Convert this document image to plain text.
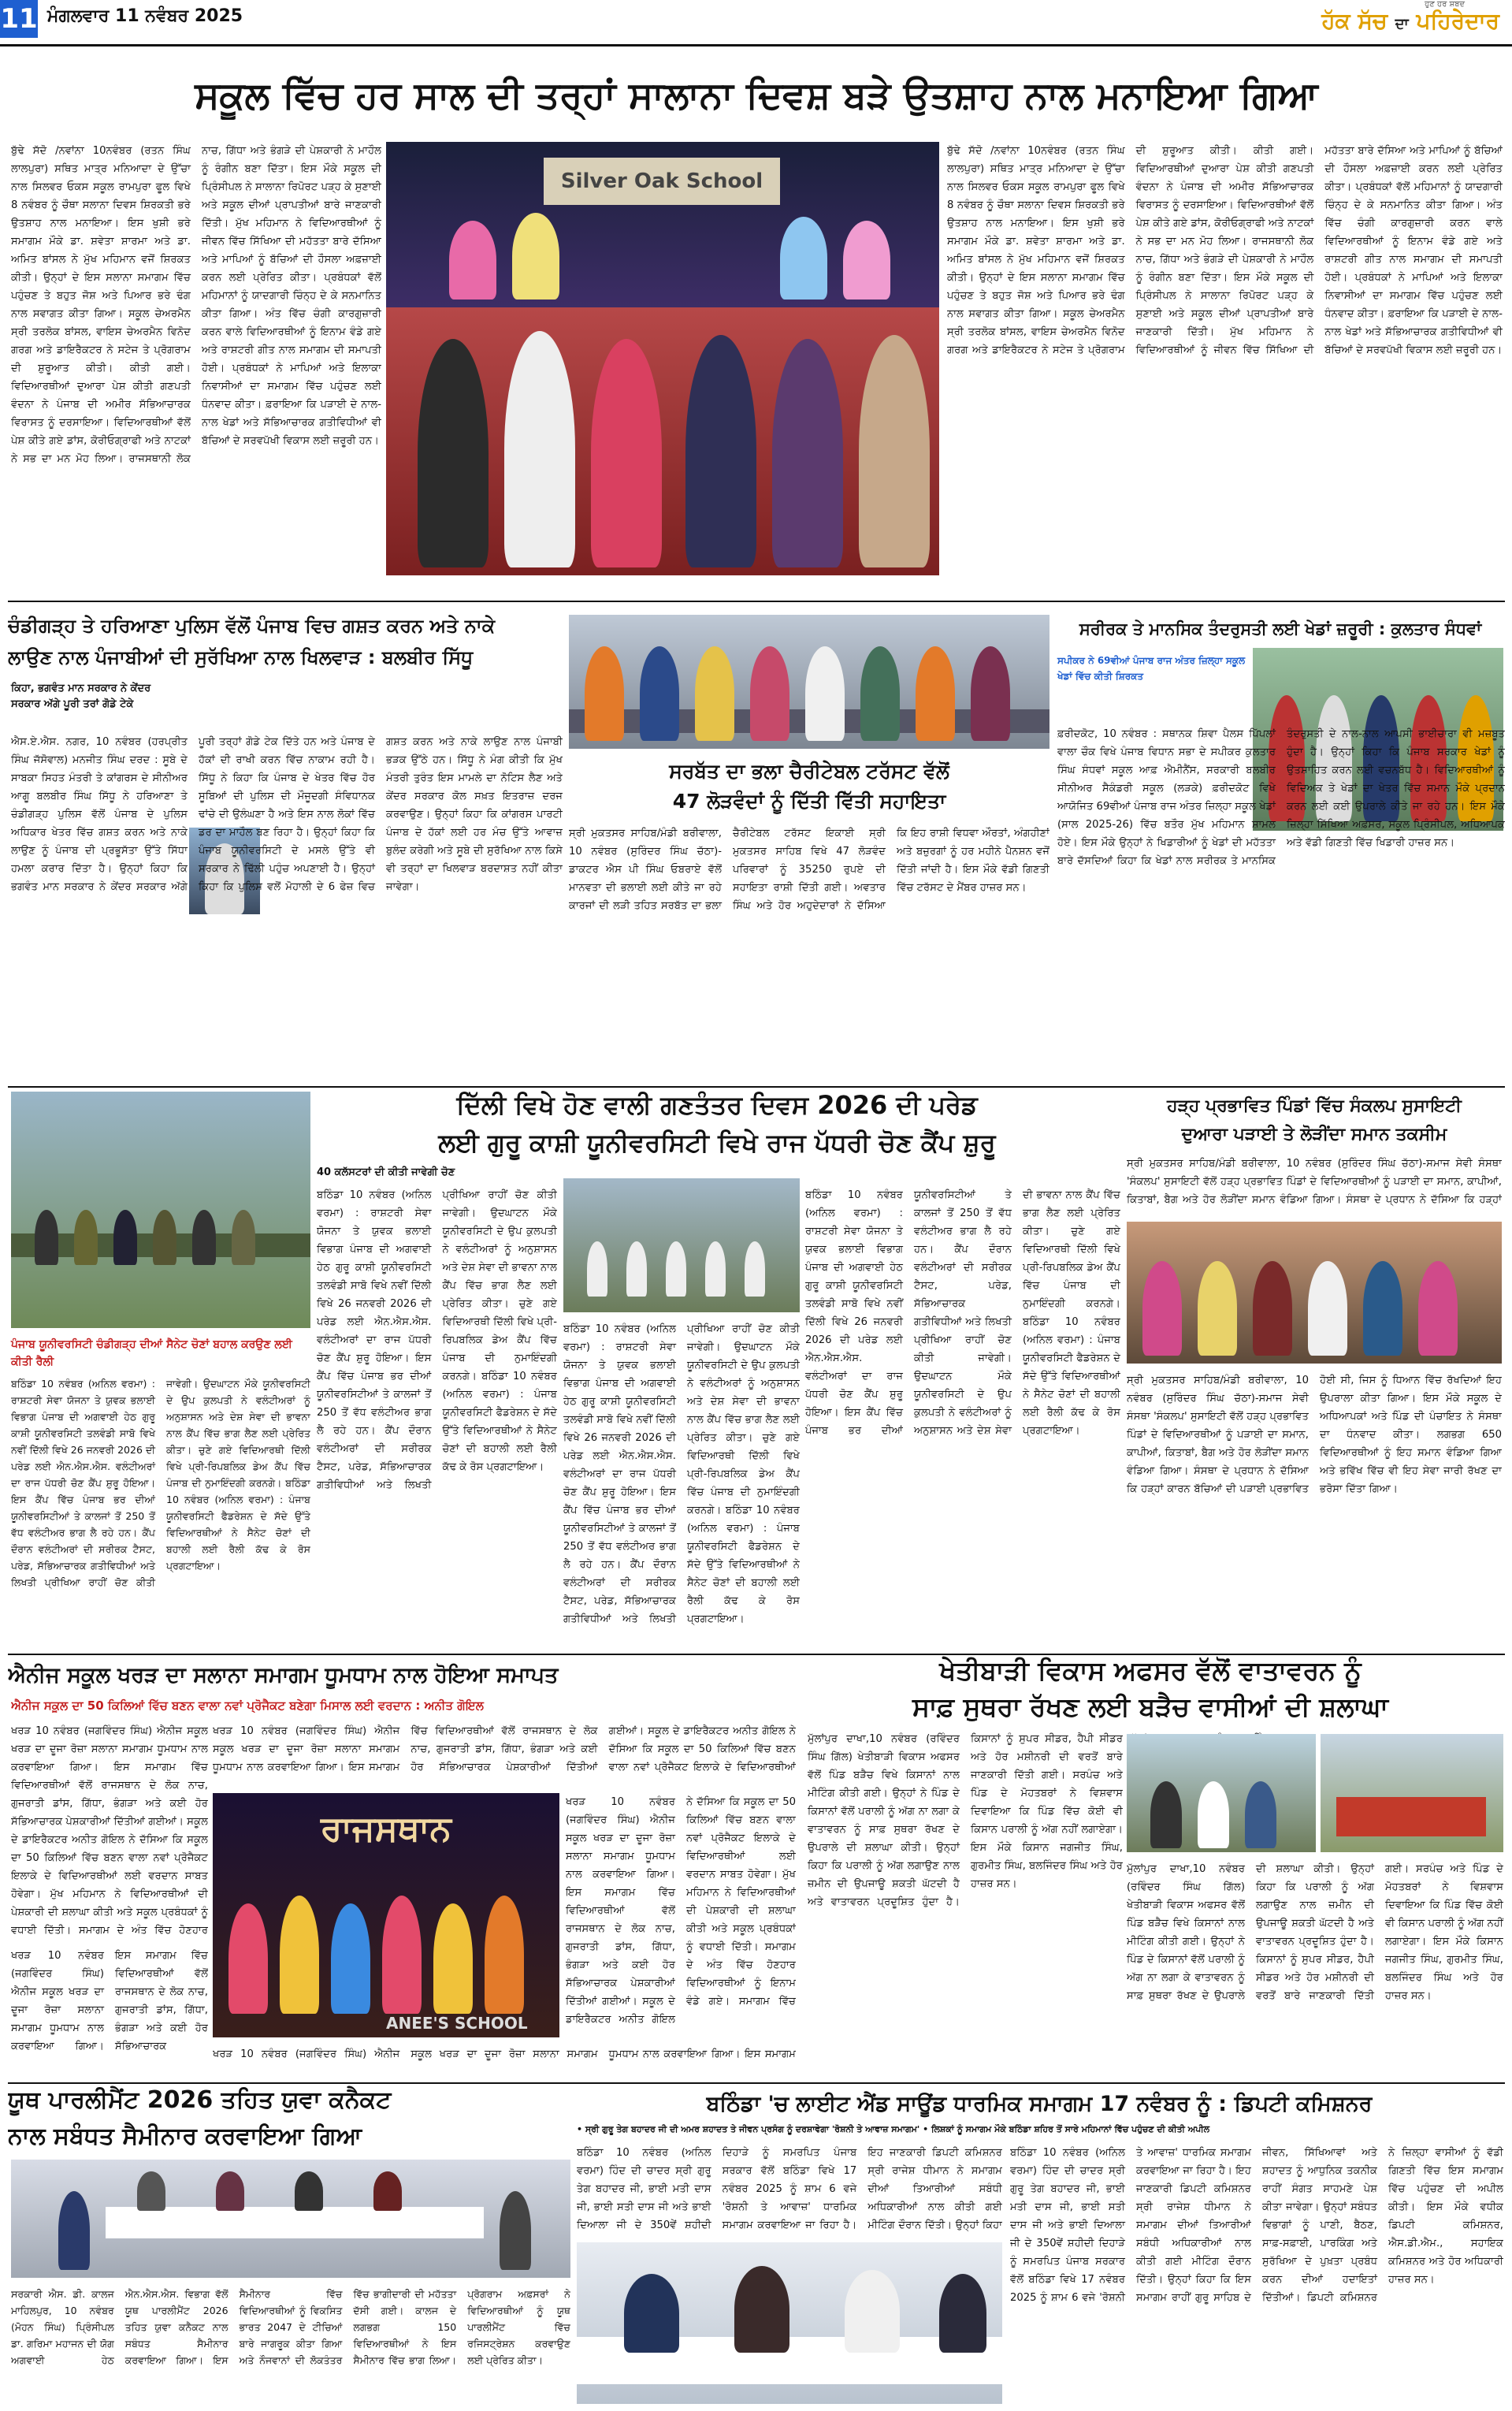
11 ਮੰਗਲਵਾਰ 11 ਨਵੰਬਰ 2025
ਹੁਣ ਹਰ ਸ਼ਬਦ
ਹੱਕ ਸੱਚ ਦਾ ਪਹਿਰੇਦਾਰ
ਸਕੂਲ ਵਿੱਚ ਹਰ ਸਾਲ ਦੀ ਤਰ੍ਹਾਂ ਸਾਲਾਨਾ ਦਿਵਸ਼ ਬੜੇ ਉਤਸ਼ਾਹ ਨਾਲ ਮਨਾਇਆ ਗਿਆ
ਬੁੱਢੇ ਸੱਦੋ /ਨਵਾਂਨਾ 10ਨਵੰਬਰ (ਰਤਨ ਸਿੰਘ ਲਾਲਪੁਰਾ) ਸਥਿਤ ਮਾਤ੍ਰ ਮਨਿਆਦਾ ਦੇ ਉੱਚਾ ਨਾਲ ਸਿਲਵਰ ਓਕਸ ਸਕੂਲ ਰਾਮਪੁਰਾ ਫੂਲ ਵਿਖੇ 8 ਨਵੰਬਰ ਨੂੰ ਚੌਥਾ ਸਲਾਨਾ ਦਿਵਸ ਸ਼ਿਰਕਤੀ ਭਰੇ ਉਤਸ਼ਾਹ ਨਾਲ ਮਨਾਇਆ। ਇਸ ਖੁਸ਼ੀ ਭਰੇ ਸਮਾਗਮ ਮੌਕੇ ਡਾ. ਸ਼ਵੇਤਾ ਸ਼ਾਰਮਾ ਅਤੇ ਡਾ. ਅਮਿਤ ਬਾਂਸਲ ਨੇ ਮੁੱਖ ਮਹਿਮਾਨ ਵਜੋਂ ਸ਼ਿਰਕਤ ਕੀਤੀ। ਉਨ੍ਹਾਂ ਦੇ ਇਸ ਸਲਾਨਾ ਸਮਾਗਮ ਵਿੱਚ ਪਹੁੰਚਣ ਤੇ ਬਹੁਤ ਜੋਸ਼ ਅਤੇ ਪਿਆਰ ਭਰੇ ਢੰਗ ਨਾਲ ਸਵਾਗਤ ਕੀਤਾ ਗਿਆ। ਸਕੂਲ ਚੇਅਰਮੈਨ ਸ੍ਰੀ ਤਰਲੋਕ ਬਾਂਸਲ, ਵਾਇਸ ਚੇਅਰਮੈਨ ਵਿਨੋਦ ਗਰਗ ਅਤੇ ਡਾਇਰੈਕਟਰ ਨੇ ਸਟੇਜ ਤੇ ਪ੍ਰੋਗਰਾਮ ਦੀ ਸ਼ੁਰੂਆਤ ਕੀਤੀ। ਕੀਤੀ ਗਈ। ਵਿਦਿਆਰਥੀਆਂ ਦੁਆਰਾ ਪੇਸ਼ ਕੀਤੀ ਗਣਪਤੀ ਵੰਦਨਾ ਨੇ ਪੰਜਾਬ ਦੀ ਅਮੀਰ ਸੱਭਿਆਚਾਰਕ ਵਿਰਾਸਤ ਨੂੰ ਦਰਸਾਇਆ। ਵਿਦਿਆਰਥੀਆਂ ਵੱਲੋਂ ਪੇਸ਼ ਕੀਤੇ ਗਏ ਡਾਂਸ, ਕੋਰੀਓਗ੍ਰਾਫੀ ਅਤੇ ਨਾਟਕਾਂ ਨੇ ਸਭ ਦਾ ਮਨ ਮੋਹ ਲਿਆ। ਰਾਜਸਥਾਨੀ ਲੋਕ ਨਾਚ, ਗਿੱਧਾ ਅਤੇ ਭੰਗੜੇ ਦੀ ਪੇਸ਼ਕਾਰੀ ਨੇ ਮਾਹੌਲ ਨੂੰ ਰੰਗੀਨ ਬਣਾ ਦਿੱਤਾ। ਇਸ ਮੌਕੇ ਸਕੂਲ ਦੀ ਪ੍ਰਿੰਸੀਪਲ ਨੇ ਸਾਲਾਨਾ ਰਿਪੋਰਟ ਪੜ੍ਹ ਕੇ ਸੁਣਾਈ ਅਤੇ ਸਕੂਲ ਦੀਆਂ ਪ੍ਰਾਪਤੀਆਂ ਬਾਰੇ ਜਾਣਕਾਰੀ ਦਿੱਤੀ। ਮੁੱਖ ਮਹਿਮਾਨ ਨੇ ਵਿਦਿਆਰਥੀਆਂ ਨੂੰ ਜੀਵਨ ਵਿੱਚ ਸਿੱਖਿਆ ਦੀ ਮਹੱਤਤਾ ਬਾਰੇ ਦੱਸਿਆ ਅਤੇ ਮਾਪਿਆਂ ਨੂੰ ਬੱਚਿਆਂ ਦੀ ਹੌਸਲਾ ਅਫ਼ਜ਼ਾਈ ਕਰਨ ਲਈ ਪ੍ਰੇਰਿਤ ਕੀਤਾ। ਪ੍ਰਬੰਧਕਾਂ ਵੱਲੋਂ ਮਹਿਮਾਨਾਂ ਨੂੰ ਯਾਦਗਾਰੀ ਚਿੰਨ੍ਹ ਦੇ ਕੇ ਸਨਮਾਨਿਤ ਕੀਤਾ ਗਿਆ। ਅੰਤ ਵਿੱਚ ਚੰਗੀ ਕਾਰਗੁਜ਼ਾਰੀ ਕਰਨ ਵਾਲੇ ਵਿਦਿਆਰਥੀਆਂ ਨੂੰ ਇਨਾਮ ਵੰਡੇ ਗਏ ਅਤੇ ਰਾਸ਼ਟਰੀ ਗੀਤ ਨਾਲ ਸਮਾਗਮ ਦੀ ਸਮਾਪਤੀ ਹੋਈ। ਪ੍ਰਬੰਧਕਾਂ ਨੇ ਮਾਪਿਆਂ ਅਤੇ ਇਲਾਕਾ ਨਿਵਾਸੀਆਂ ਦਾ ਸਮਾਗਮ ਵਿੱਚ ਪਹੁੰਚਣ ਲਈ ਧੰਨਵਾਦ ਕੀਤਾ। ਫ਼ਰਾਇਆ ਕਿ ਪੜਾਈ ਦੇ ਨਾਲ-ਨਾਲ ਖੇਡਾਂ ਅਤੇ ਸੱਭਿਆਚਾਰਕ ਗਤੀਵਿਧੀਆਂ ਵੀ ਬੱਚਿਆਂ ਦੇ ਸਰਵਪੱਖੀ ਵਿਕਾਸ ਲਈ ਜ਼ਰੂਰੀ ਹਨ।
Silver Oak School
ਬੁੱਢੇ ਸੱਦੋ /ਨਵਾਂਨਾ 10ਨਵੰਬਰ (ਰਤਨ ਸਿੰਘ ਲਾਲਪੁਰਾ) ਸਥਿਤ ਮਾਤ੍ਰ ਮਨਿਆਦਾ ਦੇ ਉੱਚਾ ਨਾਲ ਸਿਲਵਰ ਓਕਸ ਸਕੂਲ ਰਾਮਪੁਰਾ ਫੂਲ ਵਿਖੇ 8 ਨਵੰਬਰ ਨੂੰ ਚੌਥਾ ਸਲਾਨਾ ਦਿਵਸ ਸ਼ਿਰਕਤੀ ਭਰੇ ਉਤਸ਼ਾਹ ਨਾਲ ਮਨਾਇਆ। ਇਸ ਖੁਸ਼ੀ ਭਰੇ ਸਮਾਗਮ ਮੌਕੇ ਡਾ. ਸ਼ਵੇਤਾ ਸ਼ਾਰਮਾ ਅਤੇ ਡਾ. ਅਮਿਤ ਬਾਂਸਲ ਨੇ ਮੁੱਖ ਮਹਿਮਾਨ ਵਜੋਂ ਸ਼ਿਰਕਤ ਕੀਤੀ। ਉਨ੍ਹਾਂ ਦੇ ਇਸ ਸਲਾਨਾ ਸਮਾਗਮ ਵਿੱਚ ਪਹੁੰਚਣ ਤੇ ਬਹੁਤ ਜੋਸ਼ ਅਤੇ ਪਿਆਰ ਭਰੇ ਢੰਗ ਨਾਲ ਸਵਾਗਤ ਕੀਤਾ ਗਿਆ। ਸਕੂਲ ਚੇਅਰਮੈਨ ਸ੍ਰੀ ਤਰਲੋਕ ਬਾਂਸਲ, ਵਾਇਸ ਚੇਅਰਮੈਨ ਵਿਨੋਦ ਗਰਗ ਅਤੇ ਡਾਇਰੈਕਟਰ ਨੇ ਸਟੇਜ ਤੇ ਪ੍ਰੋਗਰਾਮ ਦੀ ਸ਼ੁਰੂਆਤ ਕੀਤੀ। ਕੀਤੀ ਗਈ। ਵਿਦਿਆਰਥੀਆਂ ਦੁਆਰਾ ਪੇਸ਼ ਕੀਤੀ ਗਣਪਤੀ ਵੰਦਨਾ ਨੇ ਪੰਜਾਬ ਦੀ ਅਮੀਰ ਸੱਭਿਆਚਾਰਕ ਵਿਰਾਸਤ ਨੂੰ ਦਰਸਾਇਆ। ਵਿਦਿਆਰਥੀਆਂ ਵੱਲੋਂ ਪੇਸ਼ ਕੀਤੇ ਗਏ ਡਾਂਸ, ਕੋਰੀਓਗ੍ਰਾਫੀ ਅਤੇ ਨਾਟਕਾਂ ਨੇ ਸਭ ਦਾ ਮਨ ਮੋਹ ਲਿਆ। ਰਾਜਸਥਾਨੀ ਲੋਕ ਨਾਚ, ਗਿੱਧਾ ਅਤੇ ਭੰਗੜੇ ਦੀ ਪੇਸ਼ਕਾਰੀ ਨੇ ਮਾਹੌਲ ਨੂੰ ਰੰਗੀਨ ਬਣਾ ਦਿੱਤਾ। ਇਸ ਮੌਕੇ ਸਕੂਲ ਦੀ ਪ੍ਰਿੰਸੀਪਲ ਨੇ ਸਾਲਾਨਾ ਰਿਪੋਰਟ ਪੜ੍ਹ ਕੇ ਸੁਣਾਈ ਅਤੇ ਸਕੂਲ ਦੀਆਂ ਪ੍ਰਾਪਤੀਆਂ ਬਾਰੇ ਜਾਣਕਾਰੀ ਦਿੱਤੀ। ਮੁੱਖ ਮਹਿਮਾਨ ਨੇ ਵਿਦਿਆਰਥੀਆਂ ਨੂੰ ਜੀਵਨ ਵਿੱਚ ਸਿੱਖਿਆ ਦੀ ਮਹੱਤਤਾ ਬਾਰੇ ਦੱਸਿਆ ਅਤੇ ਮਾਪਿਆਂ ਨੂੰ ਬੱਚਿਆਂ ਦੀ ਹੌਸਲਾ ਅਫ਼ਜ਼ਾਈ ਕਰਨ ਲਈ ਪ੍ਰੇਰਿਤ ਕੀਤਾ। ਪ੍ਰਬੰਧਕਾਂ ਵੱਲੋਂ ਮਹਿਮਾਨਾਂ ਨੂੰ ਯਾਦਗਾਰੀ ਚਿੰਨ੍ਹ ਦੇ ਕੇ ਸਨਮਾਨਿਤ ਕੀਤਾ ਗਿਆ। ਅੰਤ ਵਿੱਚ ਚੰਗੀ ਕਾਰਗੁਜ਼ਾਰੀ ਕਰਨ ਵਾਲੇ ਵਿਦਿਆਰਥੀਆਂ ਨੂੰ ਇਨਾਮ ਵੰਡੇ ਗਏ ਅਤੇ ਰਾਸ਼ਟਰੀ ਗੀਤ ਨਾਲ ਸਮਾਗਮ ਦੀ ਸਮਾਪਤੀ ਹੋਈ। ਪ੍ਰਬੰਧਕਾਂ ਨੇ ਮਾਪਿਆਂ ਅਤੇ ਇਲਾਕਾ ਨਿਵਾਸੀਆਂ ਦਾ ਸਮਾਗਮ ਵਿੱਚ ਪਹੁੰਚਣ ਲਈ ਧੰਨਵਾਦ ਕੀਤਾ। ਫ਼ਰਾਇਆ ਕਿ ਪੜਾਈ ਦੇ ਨਾਲ-ਨਾਲ ਖੇਡਾਂ ਅਤੇ ਸੱਭਿਆਚਾਰਕ ਗਤੀਵਿਧੀਆਂ ਵੀ ਬੱਚਿਆਂ ਦੇ ਸਰਵਪੱਖੀ ਵਿਕਾਸ ਲਈ ਜ਼ਰੂਰੀ ਹਨ।
ਚੰਡੀਗੜ੍ਹ ਤੇ ਹਰਿਆਣਾ ਪੁਲਿਸ ਵੱਲੋਂ ਪੰਜਾਬ ਵਿਚ ਗਸ਼ਤ ਕਰਨ ਅਤੇ ਨਾਕੇ
ਲਾਉਣ ਨਾਲ ਪੰਜਾਬੀਆਂ ਦੀ ਸੁਰੱਖਿਆ ਨਾਲ ਖਿਲਵਾੜ : ਬਲਬੀਰ ਸਿੱਧੂ
ਕਿਹਾ, ਭਗਵੰਤ ਮਾਨ ਸਰਕਾਰ ਨੇ ਕੇਂਦਰ ਸਰਕਾਰ ਅੱਗੇ ਪੂਰੀ ਤਰਾਂ ਗੋਡੇ ਟੇਕੇ
ਐਸ.ਏ.ਐਸ. ਨਗਰ, 10 ਨਵੰਬਰ (ਹਰਪ੍ਰੀਤ ਸਿੰਘ ਜੱਸੋਵਾਲ) ਮਨਜੀਤ ਸਿੰਘ ਦਰਦ : ਸੂਬੇ ਦੇ ਸਾਬਕਾ ਸਿਹਤ ਮੰਤਰੀ ਤੇ ਕਾਂਗਰਸ ਦੇ ਸੀਨੀਅਰ ਆਗੂ ਬਲਬੀਰ ਸਿੰਘ ਸਿੱਧੂ ਨੇ ਹਰਿਆਣਾ ਤੇ ਚੰਡੀਗੜ੍ਹ ਪੁਲਿਸ ਵੱਲੋਂ ਪੰਜਾਬ ਦੇ ਪੁਲਿਸ ਅਧਿਕਾਰ ਖੇਤਰ ਵਿੱਚ ਗਸ਼ਤ ਕਰਨ ਅਤੇ ਨਾਕੇ ਲਾਉਣ ਨੂੰ ਪੰਜਾਬ ਦੀ ਪ੍ਰਭੂਸੱਤਾ ਉੱਤੇ ਸਿੱਧਾ ਹਮਲਾ ਕਰਾਰ ਦਿੱਤਾ ਹੈ। ਉਨ੍ਹਾਂ ਕਿਹਾ ਕਿ ਭਗਵੰਤ ਮਾਨ ਸਰਕਾਰ ਨੇ ਕੇਂਦਰ ਸਰਕਾਰ ਅੱਗੇ ਪੂਰੀ ਤਰ੍ਹਾਂ ਗੋਡੇ ਟੇਕ ਦਿੱਤੇ ਹਨ ਅਤੇ ਪੰਜਾਬ ਦੇ ਹੱਕਾਂ ਦੀ ਰਾਖੀ ਕਰਨ ਵਿੱਚ ਨਾਕਾਮ ਰਹੀ ਹੈ। ਸਿੱਧੂ ਨੇ ਕਿਹਾ ਕਿ ਪੰਜਾਬ ਦੇ ਖੇਤਰ ਵਿੱਚ ਹੋਰ ਸੂਬਿਆਂ ਦੀ ਪੁਲਿਸ ਦੀ ਮੌਜੂਦਗੀ ਸੰਵਿਧਾਨਕ ਢਾਂਚੇ ਦੀ ਉਲੰਘਣਾ ਹੈ ਅਤੇ ਇਸ ਨਾਲ ਲੋਕਾਂ ਵਿੱਚ ਡਰ ਦਾ ਮਾਹੌਲ ਬਣ ਰਿਹਾ ਹੈ। ਉਨ੍ਹਾਂ ਕਿਹਾ ਕਿ ਪੰਜਾਬ ਯੂਨੀਵਰਸਿਟੀ ਦੇ ਮਸਲੇ ਉੱਤੇ ਵੀ ਸਰਕਾਰ ਨੇ ਢਿੱਲੀ ਪਹੁੰਚ ਅਪਣਾਈ ਹੈ। ਉਨ੍ਹਾਂ ਕਿਹਾ ਕਿ ਪੁਲਿਸ ਵਲੋਂ ਮੋਹਾਲੀ ਦੇ 6 ਫੇਜ਼ ਵਿਚ ਗਸ਼ਤ ਕਰਨ ਅਤੇ ਨਾਕੇ ਲਾਉਣ ਨਾਲ ਪੰਜਾਬੀ ਭੜਕ ਉੱਠੇ ਹਨ। ਸਿੱਧੂ ਨੇ ਮੰਗ ਕੀਤੀ ਕਿ ਮੁੱਖ ਮੰਤਰੀ ਤੁਰੰਤ ਇਸ ਮਾਮਲੇ ਦਾ ਨੋਟਿਸ ਲੈਣ ਅਤੇ ਕੇਂਦਰ ਸਰਕਾਰ ਕੋਲ ਸਖ਼ਤ ਇਤਰਾਜ਼ ਦਰਜ ਕਰਵਾਉਣ। ਉਨ੍ਹਾਂ ਕਿਹਾ ਕਿ ਕਾਂਗਰਸ ਪਾਰਟੀ ਪੰਜਾਬ ਦੇ ਹੱਕਾਂ ਲਈ ਹਰ ਮੰਚ ਉੱਤੇ ਆਵਾਜ਼ ਬੁਲੰਦ ਕਰੇਗੀ ਅਤੇ ਸੂਬੇ ਦੀ ਸੁਰੱਖਿਆ ਨਾਲ ਕਿਸੇ ਵੀ ਤਰ੍ਹਾਂ ਦਾ ਖਿਲਵਾੜ ਬਰਦਾਸ਼ਤ ਨਹੀਂ ਕੀਤਾ ਜਾਵੇਗਾ।
ਸਰਬੱਤ ਦਾ ਭਲਾ ਚੈਰੀਟੇਬਲ ਟਰੱਸਟ ਵੱਲੋਂ
47 ਲੋੜਵੰਦਾਂ ਨੂੰ ਦਿੱਤੀ ਵਿੱਤੀ ਸਹਾਇਤਾ
ਸ੍ਰੀ ਮੁਕਤਸਰ ਸਾਹਿਬ/ਮੰਡੀ ਬਰੀਵਾਲਾ, 10 ਨਵੰਬਰ (ਸੁਰਿੰਦਰ ਸਿੰਘ ਚੱਠਾ)-ਡਾਕਟਰ ਐਸ ਪੀ ਸਿੰਘ ਓਬਰਾਏ ਵੱਲੋਂ ਮਾਨਵਤਾ ਦੀ ਭਲਾਈ ਲਈ ਕੀਤੇ ਜਾ ਰਹੇ ਕਾਰਜਾਂ ਦੀ ਲੜੀ ਤਹਿਤ ਸਰਬੱਤ ਦਾ ਭਲਾ ਚੈਰੀਟੇਬਲ ਟਰੱਸਟ ਇਕਾਈ ਸ੍ਰੀ ਮੁਕਤਸਰ ਸਾਹਿਬ ਵਿਖੇ 47 ਲੋੜਵੰਦ ਪਰਿਵਾਰਾਂ ਨੂੰ 35250 ਰੁਪਏ ਦੀ ਸਹਾਇਤਾ ਰਾਸ਼ੀ ਦਿੱਤੀ ਗਈ। ਅਵਤਾਰ ਸਿੰਘ ਅਤੇ ਹੋਰ ਅਹੁਦੇਦਾਰਾਂ ਨੇ ਦੱਸਿਆ ਕਿ ਇਹ ਰਾਸ਼ੀ ਵਿਧਵਾ ਔਰਤਾਂ, ਅੰਗਹੀਣਾਂ ਅਤੇ ਬਜ਼ੁਰਗਾਂ ਨੂੰ ਹਰ ਮਹੀਨੇ ਪੈਨਸ਼ਨ ਵਜੋਂ ਦਿੱਤੀ ਜਾਂਦੀ ਹੈ। ਇਸ ਮੌਕੇ ਵੱਡੀ ਗਿਣਤੀ ਵਿੱਚ ਟਰੱਸਟ ਦੇ ਮੈਂਬਰ ਹਾਜ਼ਰ ਸਨ।
ਸਰੀਰਕ ਤੇ ਮਾਨਸਿਕ ਤੰਦਰੁਸਤੀ ਲਈ ਖੇਡਾਂ ਜ਼ਰੂਰੀ : ਕੁਲਤਾਰ ਸੰਧਵਾਂ
ਸਪੀਕਰ ਨੇ 69ਵੀਆਂ ਪੰਜਾਬ ਰਾਜ ਅੰਤਰ ਜ਼ਿਲ੍ਹਾ ਸਕੂਲ ਖੇਡਾਂ ਵਿੱਚ ਕੀਤੀ ਸ਼ਿਰਕਤ
ਫ਼ਰੀਦਕੋਟ, 10 ਨਵੰਬਰ : ਸਥਾਨਕ ਸ਼ਿਵਾ ਪੈਲਸ ਪਿੱਪਲਾਂ ਵਾਲਾ ਚੌਕ ਵਿਖੇ ਪੰਜਾਬ ਵਿਧਾਨ ਸਭਾ ਦੇ ਸਪੀਕਰ ਕੁਲਤਾਰ ਸਿੰਘ ਸੰਧਵਾਂ ਸਕੂਲ ਆਫ਼ ਐਮੀਨੈਂਸ, ਸਰਕਾਰੀ ਬਲਬੀਰ ਸੀਨੀਅਰ ਸੈਕੰਡਰੀ ਸਕੂਲ (ਲੜਕੇ) ਫ਼ਰੀਦਕੋਟ ਵਿਖੇ ਆਯੋਜਿਤ 69ਵੀਆਂ ਪੰਜਾਬ ਰਾਜ ਅੰਤਰ ਜ਼ਿਲ੍ਹਾ ਸਕੂਲ ਖੇਡਾਂ (ਸਾਲ 2025-26) ਵਿੱਚ ਬਤੌਰ ਮੁੱਖ ਮਹਿਮਾਨ ਸ਼ਾਮਲ ਹੋਏ। ਇਸ ਮੌਕੇ ਉਨ੍ਹਾਂ ਨੇ ਖਿਡਾਰੀਆਂ ਨੂੰ ਖੇਡਾਂ ਦੀ ਮਹੱਤਤਾ ਬਾਰੇ ਦੱਸਦਿਆਂ ਕਿਹਾ ਕਿ ਖੇਡਾਂ ਨਾਲ ਸਰੀਰਕ ਤੇ ਮਾਨਸਿਕ ਤੰਦਰੁਸਤੀ ਦੇ ਨਾਲ-ਨਾਲ ਆਪਸੀ ਭਾਈਚਾਰਾ ਵੀ ਮਜ਼ਬੂਤ ਹੁੰਦਾ ਹੈ। ਉਨ੍ਹਾਂ ਕਿਹਾ ਕਿ ਪੰਜਾਬ ਸਰਕਾਰ ਖੇਡਾਂ ਨੂੰ ਉਤਸ਼ਾਹਿਤ ਕਰਨ ਲਈ ਵਚਨਬੱਧ ਹੈ। ਵਿਦਿਆਰਥੀਆਂ ਨੂੰ ਵਿਦਿਅਕ ਤੇ ਖੇਡਾਂ ਦਾ ਖੇਤਰ ਵਿੱਚ ਸਮਾਨ ਮੌਕੇ ਪ੍ਰਦਾਨ ਕਰਨ ਲਈ ਕਈ ਉਪਰਾਲੇ ਕੀਤੇ ਜਾ ਰਹੇ ਹਨ। ਇਸ ਮੌਕੇ ਜ਼ਿਲ੍ਹਾ ਸਿੱਖਿਆ ਅਫ਼ਸਰ, ਸਕੂਲ ਪ੍ਰਿੰਸੀਪਲ, ਅਧਿਆਪਕ ਅਤੇ ਵੱਡੀ ਗਿਣਤੀ ਵਿੱਚ ਖਿਡਾਰੀ ਹਾਜ਼ਰ ਸਨ।
ਦਿੱਲੀ ਵਿਖੇ ਹੋਣ ਵਾਲੀ ਗਣਤੰਤਰ ਦਿਵਸ 2026 ਦੀ ਪਰੇਡ
ਲਈ ਗੁਰੂ ਕਾਸ਼ੀ ਯੂਨੀਵਰਸਿਟੀ ਵਿਖੇ ਰਾਜ ਪੱਧਰੀ ਚੋਣ ਕੈਂਪ ਸ਼ੁਰੂ
ਪੰਜਾਬ ਯੂਨੀਵਰਸਿਟੀ ਚੰਡੀਗੜ੍ਹ ਦੀਆਂ ਸੈਨੇਟ ਚੋਣਾਂ ਬਹਾਲ ਕਰਉਣ ਲਈ ਕੀਤੀ ਰੈਲੀ
ਬਠਿੰਡਾ 10 ਨਵੰਬਰ (ਅਨਿਲ ਵਰਮਾ) : ਰਾਸ਼ਟਰੀ ਸੇਵਾ ਯੋਜਨਾ ਤੇ ਯੁਵਕ ਭਲਾਈ ਵਿਭਾਗ ਪੰਜਾਬ ਦੀ ਅਗਵਾਈ ਹੇਠ ਗੁਰੂ ਕਾਸ਼ੀ ਯੂਨੀਵਰਸਿਟੀ ਤਲਵੰਡੀ ਸਾਬੋ ਵਿਖੇ ਨਵੀਂ ਦਿੱਲੀ ਵਿਖੇ 26 ਜਨਵਰੀ 2026 ਦੀ ਪਰੇਡ ਲਈ ਐਨ.ਐਸ.ਐਸ. ਵਲੰਟੀਅਰਾਂ ਦਾ ਰਾਜ ਪੱਧਰੀ ਚੋਣ ਕੈਂਪ ਸ਼ੁਰੂ ਹੋਇਆ। ਇਸ ਕੈਂਪ ਵਿੱਚ ਪੰਜਾਬ ਭਰ ਦੀਆਂ ਯੂਨੀਵਰਸਿਟੀਆਂ ਤੇ ਕਾਲਜਾਂ ਤੋਂ 250 ਤੋਂ ਵੱਧ ਵਲੰਟੀਅਰ ਭਾਗ ਲੈ ਰਹੇ ਹਨ। ਕੈਂਪ ਦੌਰਾਨ ਵਲੰਟੀਅਰਾਂ ਦੀ ਸਰੀਰਕ ਟੈਸਟ, ਪਰੇਡ, ਸੱਭਿਆਚਾਰਕ ਗਤੀਵਿਧੀਆਂ ਅਤੇ ਲਿਖਤੀ ਪ੍ਰੀਖਿਆ ਰਾਹੀਂ ਚੋਣ ਕੀਤੀ ਜਾਵੇਗੀ। ਉਦਘਾਟਨ ਮੌਕੇ ਯੂਨੀਵਰਸਿਟੀ ਦੇ ਉਪ ਕੁਲਪਤੀ ਨੇ ਵਲੰਟੀਅਰਾਂ ਨੂੰ ਅਨੁਸ਼ਾਸਨ ਅਤੇ ਦੇਸ਼ ਸੇਵਾ ਦੀ ਭਾਵਨਾ ਨਾਲ ਕੈਂਪ ਵਿੱਚ ਭਾਗ ਲੈਣ ਲਈ ਪ੍ਰੇਰਿਤ ਕੀਤਾ। ਚੁਣੇ ਗਏ ਵਿਦਿਆਰਥੀ ਦਿੱਲੀ ਵਿਖੇ ਪ੍ਰੀ-ਰਿਪਬਲਿਕ ਡੇਅ ਕੈਂਪ ਵਿੱਚ ਪੰਜਾਬ ਦੀ ਨੁਮਾਇੰਦਗੀ ਕਰਨਗੇ। ਬਠਿੰਡਾ 10 ਨਵੰਬਰ (ਅਨਿਲ ਵਰਮਾ) : ਪੰਜਾਬ ਯੂਨੀਵਰਸਿਟੀ ਫੈਡਰੇਸ਼ਨ ਦੇ ਸੱਦੇ ਉੱਤੇ ਵਿਦਿਆਰਥੀਆਂ ਨੇ ਸੈਨੇਟ ਚੋਣਾਂ ਦੀ ਬਹਾਲੀ ਲਈ ਰੈਲੀ ਕੱਢ ਕੇ ਰੋਸ ਪ੍ਰਗਟਾਇਆ।
40 ਕਲੱਸਟਰਾਂ ਦੀ ਕੀਤੀ ਜਾਵੇਗੀ ਚੋਣ
ਬਠਿੰਡਾ 10 ਨਵੰਬਰ (ਅਨਿਲ ਵਰਮਾ) : ਰਾਸ਼ਟਰੀ ਸੇਵਾ ਯੋਜਨਾ ਤੇ ਯੁਵਕ ਭਲਾਈ ਵਿਭਾਗ ਪੰਜਾਬ ਦੀ ਅਗਵਾਈ ਹੇਠ ਗੁਰੂ ਕਾਸ਼ੀ ਯੂਨੀਵਰਸਿਟੀ ਤਲਵੰਡੀ ਸਾਬੋ ਵਿਖੇ ਨਵੀਂ ਦਿੱਲੀ ਵਿਖੇ 26 ਜਨਵਰੀ 2026 ਦੀ ਪਰੇਡ ਲਈ ਐਨ.ਐਸ.ਐਸ. ਵਲੰਟੀਅਰਾਂ ਦਾ ਰਾਜ ਪੱਧਰੀ ਚੋਣ ਕੈਂਪ ਸ਼ੁਰੂ ਹੋਇਆ। ਇਸ ਕੈਂਪ ਵਿੱਚ ਪੰਜਾਬ ਭਰ ਦੀਆਂ ਯੂਨੀਵਰਸਿਟੀਆਂ ਤੇ ਕਾਲਜਾਂ ਤੋਂ 250 ਤੋਂ ਵੱਧ ਵਲੰਟੀਅਰ ਭਾਗ ਲੈ ਰਹੇ ਹਨ। ਕੈਂਪ ਦੌਰਾਨ ਵਲੰਟੀਅਰਾਂ ਦੀ ਸਰੀਰਕ ਟੈਸਟ, ਪਰੇਡ, ਸੱਭਿਆਚਾਰਕ ਗਤੀਵਿਧੀਆਂ ਅਤੇ ਲਿਖਤੀ ਪ੍ਰੀਖਿਆ ਰਾਹੀਂ ਚੋਣ ਕੀਤੀ ਜਾਵੇਗੀ। ਉਦਘਾਟਨ ਮੌਕੇ ਯੂਨੀਵਰਸਿਟੀ ਦੇ ਉਪ ਕੁਲਪਤੀ ਨੇ ਵਲੰਟੀਅਰਾਂ ਨੂੰ ਅਨੁਸ਼ਾਸਨ ਅਤੇ ਦੇਸ਼ ਸੇਵਾ ਦੀ ਭਾਵਨਾ ਨਾਲ ਕੈਂਪ ਵਿੱਚ ਭਾਗ ਲੈਣ ਲਈ ਪ੍ਰੇਰਿਤ ਕੀਤਾ। ਚੁਣੇ ਗਏ ਵਿਦਿਆਰਥੀ ਦਿੱਲੀ ਵਿਖੇ ਪ੍ਰੀ-ਰਿਪਬਲਿਕ ਡੇਅ ਕੈਂਪ ਵਿੱਚ ਪੰਜਾਬ ਦੀ ਨੁਮਾਇੰਦਗੀ ਕਰਨਗੇ। ਬਠਿੰਡਾ 10 ਨਵੰਬਰ (ਅਨਿਲ ਵਰਮਾ) : ਪੰਜਾਬ ਯੂਨੀਵਰਸਿਟੀ ਫੈਡਰੇਸ਼ਨ ਦੇ ਸੱਦੇ ਉੱਤੇ ਵਿਦਿਆਰਥੀਆਂ ਨੇ ਸੈਨੇਟ ਚੋਣਾਂ ਦੀ ਬਹਾਲੀ ਲਈ ਰੈਲੀ ਕੱਢ ਕੇ ਰੋਸ ਪ੍ਰਗਟਾਇਆ।
ਬਠਿੰਡਾ 10 ਨਵੰਬਰ (ਅਨਿਲ ਵਰਮਾ) : ਰਾਸ਼ਟਰੀ ਸੇਵਾ ਯੋਜਨਾ ਤੇ ਯੁਵਕ ਭਲਾਈ ਵਿਭਾਗ ਪੰਜਾਬ ਦੀ ਅਗਵਾਈ ਹੇਠ ਗੁਰੂ ਕਾਸ਼ੀ ਯੂਨੀਵਰਸਿਟੀ ਤਲਵੰਡੀ ਸਾਬੋ ਵਿਖੇ ਨਵੀਂ ਦਿੱਲੀ ਵਿਖੇ 26 ਜਨਵਰੀ 2026 ਦੀ ਪਰੇਡ ਲਈ ਐਨ.ਐਸ.ਐਸ. ਵਲੰਟੀਅਰਾਂ ਦਾ ਰਾਜ ਪੱਧਰੀ ਚੋਣ ਕੈਂਪ ਸ਼ੁਰੂ ਹੋਇਆ। ਇਸ ਕੈਂਪ ਵਿੱਚ ਪੰਜਾਬ ਭਰ ਦੀਆਂ ਯੂਨੀਵਰਸਿਟੀਆਂ ਤੇ ਕਾਲਜਾਂ ਤੋਂ 250 ਤੋਂ ਵੱਧ ਵਲੰਟੀਅਰ ਭਾਗ ਲੈ ਰਹੇ ਹਨ। ਕੈਂਪ ਦੌਰਾਨ ਵਲੰਟੀਅਰਾਂ ਦੀ ਸਰੀਰਕ ਟੈਸਟ, ਪਰੇਡ, ਸੱਭਿਆਚਾਰਕ ਗਤੀਵਿਧੀਆਂ ਅਤੇ ਲਿਖਤੀ ਪ੍ਰੀਖਿਆ ਰਾਹੀਂ ਚੋਣ ਕੀਤੀ ਜਾਵੇਗੀ। ਉਦਘਾਟਨ ਮੌਕੇ ਯੂਨੀਵਰਸਿਟੀ ਦੇ ਉਪ ਕੁਲਪਤੀ ਨੇ ਵਲੰਟੀਅਰਾਂ ਨੂੰ ਅਨੁਸ਼ਾਸਨ ਅਤੇ ਦੇਸ਼ ਸੇਵਾ ਦੀ ਭਾਵਨਾ ਨਾਲ ਕੈਂਪ ਵਿੱਚ ਭਾਗ ਲੈਣ ਲਈ ਪ੍ਰੇਰਿਤ ਕੀਤਾ। ਚੁਣੇ ਗਏ ਵਿਦਿਆਰਥੀ ਦਿੱਲੀ ਵਿਖੇ ਪ੍ਰੀ-ਰਿਪਬਲਿਕ ਡੇਅ ਕੈਂਪ ਵਿੱਚ ਪੰਜਾਬ ਦੀ ਨੁਮਾਇੰਦਗੀ ਕਰਨਗੇ। ਬਠਿੰਡਾ 10 ਨਵੰਬਰ (ਅਨਿਲ ਵਰਮਾ) : ਪੰਜਾਬ ਯੂਨੀਵਰਸਿਟੀ ਫੈਡਰੇਸ਼ਨ ਦੇ ਸੱਦੇ ਉੱਤੇ ਵਿਦਿਆਰਥੀਆਂ ਨੇ ਸੈਨੇਟ ਚੋਣਾਂ ਦੀ ਬਹਾਲੀ ਲਈ ਰੈਲੀ ਕੱਢ ਕੇ ਰੋਸ ਪ੍ਰਗਟਾਇਆ।
ਬਠਿੰਡਾ 10 ਨਵੰਬਰ (ਅਨਿਲ ਵਰਮਾ) : ਰਾਸ਼ਟਰੀ ਸੇਵਾ ਯੋਜਨਾ ਤੇ ਯੁਵਕ ਭਲਾਈ ਵਿਭਾਗ ਪੰਜਾਬ ਦੀ ਅਗਵਾਈ ਹੇਠ ਗੁਰੂ ਕਾਸ਼ੀ ਯੂਨੀਵਰਸਿਟੀ ਤਲਵੰਡੀ ਸਾਬੋ ਵਿਖੇ ਨਵੀਂ ਦਿੱਲੀ ਵਿਖੇ 26 ਜਨਵਰੀ 2026 ਦੀ ਪਰੇਡ ਲਈ ਐਨ.ਐਸ.ਐਸ. ਵਲੰਟੀਅਰਾਂ ਦਾ ਰਾਜ ਪੱਧਰੀ ਚੋਣ ਕੈਂਪ ਸ਼ੁਰੂ ਹੋਇਆ। ਇਸ ਕੈਂਪ ਵਿੱਚ ਪੰਜਾਬ ਭਰ ਦੀਆਂ ਯੂਨੀਵਰਸਿਟੀਆਂ ਤੇ ਕਾਲਜਾਂ ਤੋਂ 250 ਤੋਂ ਵੱਧ ਵਲੰਟੀਅਰ ਭਾਗ ਲੈ ਰਹੇ ਹਨ। ਕੈਂਪ ਦੌਰਾਨ ਵਲੰਟੀਅਰਾਂ ਦੀ ਸਰੀਰਕ ਟੈਸਟ, ਪਰੇਡ, ਸੱਭਿਆਚਾਰਕ ਗਤੀਵਿਧੀਆਂ ਅਤੇ ਲਿਖਤੀ ਪ੍ਰੀਖਿਆ ਰਾਹੀਂ ਚੋਣ ਕੀਤੀ ਜਾਵੇਗੀ। ਉਦਘਾਟਨ ਮੌਕੇ ਯੂਨੀਵਰਸਿਟੀ ਦੇ ਉਪ ਕੁਲਪਤੀ ਨੇ ਵਲੰਟੀਅਰਾਂ ਨੂੰ ਅਨੁਸ਼ਾਸਨ ਅਤੇ ਦੇਸ਼ ਸੇਵਾ ਦੀ ਭਾਵਨਾ ਨਾਲ ਕੈਂਪ ਵਿੱਚ ਭਾਗ ਲੈਣ ਲਈ ਪ੍ਰੇਰਿਤ ਕੀਤਾ। ਚੁਣੇ ਗਏ ਵਿਦਿਆਰਥੀ ਦਿੱਲੀ ਵਿਖੇ ਪ੍ਰੀ-ਰਿਪਬਲਿਕ ਡੇਅ ਕੈਂਪ ਵਿੱਚ ਪੰਜਾਬ ਦੀ ਨੁਮਾਇੰਦਗੀ ਕਰਨਗੇ। ਬਠਿੰਡਾ 10 ਨਵੰਬਰ (ਅਨਿਲ ਵਰਮਾ) : ਪੰਜਾਬ ਯੂਨੀਵਰਸਿਟੀ ਫੈਡਰੇਸ਼ਨ ਦੇ ਸੱਦੇ ਉੱਤੇ ਵਿਦਿਆਰਥੀਆਂ ਨੇ ਸੈਨੇਟ ਚੋਣਾਂ ਦੀ ਬਹਾਲੀ ਲਈ ਰੈਲੀ ਕੱਢ ਕੇ ਰੋਸ ਪ੍ਰਗਟਾਇਆ।
ਹੜ੍ਹ ਪ੍ਰਭਾਵਿਤ ਪਿੰਡਾਂ ਵਿੱਚ ਸੰਕਲਪ ਸੁਸਾਇਟੀ
ਦੁਆਰਾ ਪੜਾਈ ਤੇ ਲੋੜੀਂਦਾ ਸਮਾਨ ਤਕਸੀਮ
ਸ੍ਰੀ ਮੁਕਤਸਰ ਸਾਹਿਬ/ਮੰਡੀ ਬਰੀਵਾਲਾ, 10 ਨਵੰਬਰ (ਸੁਰਿੰਦਰ ਸਿੰਘ ਚੱਠਾ)-ਸਮਾਜ ਸੇਵੀ ਸੰਸਥਾ 'ਸੰਕਲਪ' ਸੁਸਾਇਟੀ ਵੱਲੋਂ ਹੜ੍ਹ ਪ੍ਰਭਾਵਿਤ ਪਿੰਡਾਂ ਦੇ ਵਿਦਿਆਰਥੀਆਂ ਨੂੰ ਪੜਾਈ ਦਾ ਸਮਾਨ, ਕਾਪੀਆਂ, ਕਿਤਾਬਾਂ, ਬੈਗ ਅਤੇ ਹੋਰ ਲੋੜੀਂਦਾ ਸਮਾਨ ਵੰਡਿਆ ਗਿਆ। ਸੰਸਥਾ ਦੇ ਪ੍ਰਧਾਨ ਨੇ ਦੱਸਿਆ ਕਿ ਹੜ੍ਹਾਂ
ਸ੍ਰੀ ਮੁਕਤਸਰ ਸਾਹਿਬ/ਮੰਡੀ ਬਰੀਵਾਲਾ, 10 ਨਵੰਬਰ (ਸੁਰਿੰਦਰ ਸਿੰਘ ਚੱਠਾ)-ਸਮਾਜ ਸੇਵੀ ਸੰਸਥਾ 'ਸੰਕਲਪ' ਸੁਸਾਇਟੀ ਵੱਲੋਂ ਹੜ੍ਹ ਪ੍ਰਭਾਵਿਤ ਪਿੰਡਾਂ ਦੇ ਵਿਦਿਆਰਥੀਆਂ ਨੂੰ ਪੜਾਈ ਦਾ ਸਮਾਨ, ਕਾਪੀਆਂ, ਕਿਤਾਬਾਂ, ਬੈਗ ਅਤੇ ਹੋਰ ਲੋੜੀਂਦਾ ਸਮਾਨ ਵੰਡਿਆ ਗਿਆ। ਸੰਸਥਾ ਦੇ ਪ੍ਰਧਾਨ ਨੇ ਦੱਸਿਆ ਕਿ ਹੜ੍ਹਾਂ ਕਾਰਨ ਬੱਚਿਆਂ ਦੀ ਪੜਾਈ ਪ੍ਰਭਾਵਿਤ ਹੋਈ ਸੀ, ਜਿਸ ਨੂੰ ਧਿਆਨ ਵਿੱਚ ਰੱਖਦਿਆਂ ਇਹ ਉਪਰਾਲਾ ਕੀਤਾ ਗਿਆ। ਇਸ ਮੌਕੇ ਸਕੂਲ ਦੇ ਅਧਿਆਪਕਾਂ ਅਤੇ ਪਿੰਡ ਦੀ ਪੰਚਾਇਤ ਨੇ ਸੰਸਥਾ ਦਾ ਧੰਨਵਾਦ ਕੀਤਾ। ਲਗਭਗ 650 ਵਿਦਿਆਰਥੀਆਂ ਨੂੰ ਇਹ ਸਮਾਨ ਵੰਡਿਆ ਗਿਆ ਅਤੇ ਭਵਿੱਖ ਵਿੱਚ ਵੀ ਇਹ ਸੇਵਾ ਜਾਰੀ ਰੱਖਣ ਦਾ ਭਰੋਸਾ ਦਿੱਤਾ ਗਿਆ।
ਐਨੀਜ ਸਕੂਲ ਖਰੜ ਦਾ ਸਲਾਨਾ ਸਮਾਗਮ ਧੂਮਧਾਮ ਨਾਲ ਹੋਇਆ ਸਮਾਪਤ
ਐਨੀਜ ਸਕੂਲ ਦਾ 50 ਕਿਲਿਆਂ ਵਿੱਚ ਬਣਨ ਵਾਲਾ ਨਵਾਂ ਪ੍ਰੋਜੈਕਟ ਬਣੇਗਾ ਮਿਸਾਲ ਲਈ ਵਰਦਾਨ : ਅਨੀਤ ਗੋਇਲ
ਖਰੜ 10 ਨਵੰਬਰ (ਜਗਵਿੰਦਰ ਸਿੰਘ) ਐਨੀਜ ਸਕੂਲ ਖਰੜ ਦਾ ਦੂਜਾ ਰੋਜ਼ਾ ਸਲਾਨਾ ਸਮਾਗਮ ਧੂਮਧਾਮ ਨਾਲ ਕਰਵਾਇਆ ਗਿਆ। ਇਸ ਸਮਾਗਮ ਵਿੱਚ ਵਿਦਿਆਰਥੀਆਂ ਵੱਲੋਂ ਰਾਜਸਥਾਨ ਦੇ ਲੋਕ ਨਾਚ, ਗੁਜਰਾਤੀ ਡਾਂਸ, ਗਿੱਧਾ, ਭੰਗੜਾ ਅਤੇ ਕਈ ਹੋਰ ਸੱਭਿਆਚਾਰਕ ਪੇਸ਼ਕਾਰੀਆਂ ਦਿੱਤੀਆਂ ਗਈਆਂ। ਸਕੂਲ ਦੇ ਡਾਇਰੈਕਟਰ ਅਨੀਤ ਗੋਇਲ ਨੇ ਦੱਸਿਆ ਕਿ ਸਕੂਲ ਦਾ 50 ਕਿਲਿਆਂ ਵਿੱਚ ਬਣਨ ਵਾਲਾ ਨਵਾਂ ਪ੍ਰੋਜੈਕਟ ਇਲਾਕੇ ਦੇ ਵਿਦਿਆਰਥੀਆਂ ਲਈ ਵਰਦਾਨ ਸਾਬਤ ਹੋਵੇਗਾ। ਮੁੱਖ ਮਹਿਮਾਨ ਨੇ ਵਿਦਿਆਰਥੀਆਂ ਦੀ ਪੇਸ਼ਕਾਰੀ ਦੀ ਸ਼ਲਾਘਾ ਕੀਤੀ ਅਤੇ ਸਕੂਲ ਪ੍ਰਬੰਧਕਾਂ ਨੂੰ ਵਧਾਈ ਦਿੱਤੀ। ਸਮਾਗਮ ਦੇ ਅੰਤ ਵਿੱਚ ਹੋਣਹਾਰ
ਖਰੜ 10 ਨਵੰਬਰ (ਜਗਵਿੰਦਰ ਸਿੰਘ) ਐਨੀਜ ਸਕੂਲ ਖਰੜ ਦਾ ਦੂਜਾ ਰੋਜ਼ਾ ਸਲਾਨਾ ਸਮਾਗਮ ਧੂਮਧਾਮ ਨਾਲ ਕਰਵਾਇਆ ਗਿਆ। ਇਸ ਸਮਾਗਮ ਵਿੱਚ ਵਿਦਿਆਰਥੀਆਂ ਵੱਲੋਂ ਰਾਜਸਥਾਨ ਦੇ ਲੋਕ ਨਾਚ, ਗੁਜਰਾਤੀ ਡਾਂਸ, ਗਿੱਧਾ, ਭੰਗੜਾ ਅਤੇ ਕਈ ਹੋਰ ਸੱਭਿਆਚਾਰਕ ਪੇਸ਼ਕਾਰੀਆਂ ਦਿੱਤੀਆਂ ਗਈਆਂ। ਸਕੂਲ ਦੇ ਡਾਇਰੈਕਟਰ ਅਨੀਤ ਗੋਇਲ ਨੇ ਦੱਸਿਆ ਕਿ ਸਕੂਲ ਦਾ 50 ਕਿਲਿਆਂ ਵਿੱਚ ਬਣਨ ਵਾਲਾ ਨਵਾਂ ਪ੍ਰੋਜੈਕਟ ਇਲਾਕੇ ਦੇ ਵਿਦਿਆਰਥੀਆਂ
ਰਾਜਸਥਾਨ
ANEE'S SCHOOL
ਖਰੜ 10 ਨਵੰਬਰ (ਜਗਵਿੰਦਰ ਸਿੰਘ) ਐਨੀਜ ਸਕੂਲ ਖਰੜ ਦਾ ਦੂਜਾ ਰੋਜ਼ਾ ਸਲਾਨਾ ਸਮਾਗਮ ਧੂਮਧਾਮ ਨਾਲ ਕਰਵਾਇਆ ਗਿਆ। ਇਸ ਸਮਾਗਮ ਵਿੱਚ ਵਿਦਿਆਰਥੀਆਂ ਵੱਲੋਂ ਰਾਜਸਥਾਨ ਦੇ ਲੋਕ ਨਾਚ, ਗੁਜਰਾਤੀ ਡਾਂਸ, ਗਿੱਧਾ, ਭੰਗੜਾ ਅਤੇ ਕਈ ਹੋਰ ਸੱਭਿਆਚਾਰਕ ਪੇਸ਼ਕਾਰੀਆਂ ਦਿੱਤੀਆਂ ਗਈਆਂ। ਸਕੂਲ ਦੇ ਡਾਇਰੈਕਟਰ ਅਨੀਤ ਗੋਇਲ ਨੇ ਦੱਸਿਆ ਕਿ ਸਕੂਲ ਦਾ 50 ਕਿਲਿਆਂ ਵਿੱਚ ਬਣਨ ਵਾਲਾ ਨਵਾਂ ਪ੍ਰੋਜੈਕਟ ਇਲਾਕੇ ਦੇ ਵਿਦਿਆਰਥੀਆਂ ਲਈ ਵਰਦਾਨ ਸਾਬਤ ਹੋਵੇਗਾ। ਮੁੱਖ ਮਹਿਮਾਨ ਨੇ ਵਿਦਿਆਰਥੀਆਂ ਦੀ ਪੇਸ਼ਕਾਰੀ ਦੀ ਸ਼ਲਾਘਾ ਕੀਤੀ ਅਤੇ ਸਕੂਲ ਪ੍ਰਬੰਧਕਾਂ ਨੂੰ ਵਧਾਈ ਦਿੱਤੀ। ਸਮਾਗਮ ਦੇ ਅੰਤ ਵਿੱਚ ਹੋਣਹਾਰ ਵਿਦਿਆਰਥੀਆਂ ਨੂੰ ਇਨਾਮ ਵੰਡੇ ਗਏ। ਸਮਾਗਮ ਵਿੱਚ
ਖਰੜ 10 ਨਵੰਬਰ (ਜਗਵਿੰਦਰ ਸਿੰਘ) ਐਨੀਜ ਸਕੂਲ ਖਰੜ ਦਾ ਦੂਜਾ ਰੋਜ਼ਾ ਸਲਾਨਾ ਸਮਾਗਮ ਧੂਮਧਾਮ ਨਾਲ ਕਰਵਾਇਆ ਗਿਆ। ਇਸ ਸਮਾਗਮ ਵਿੱਚ ਵਿਦਿਆਰਥੀਆਂ ਵੱਲੋਂ ਰਾਜਸਥਾਨ ਦੇ ਲੋਕ ਨਾਚ, ਗੁਜਰਾਤੀ ਡਾਂਸ, ਗਿੱਧਾ, ਭੰਗੜਾ ਅਤੇ ਕਈ ਹੋਰ ਸੱਭਿਆਚਾਰਕ
ਖਰੜ 10 ਨਵੰਬਰ (ਜਗਵਿੰਦਰ ਸਿੰਘ) ਐਨੀਜ ਸਕੂਲ ਖਰੜ ਦਾ ਦੂਜਾ ਰੋਜ਼ਾ ਸਲਾਨਾ ਸਮਾਗਮ ਧੂਮਧਾਮ ਨਾਲ ਕਰਵਾਇਆ ਗਿਆ। ਇਸ ਸਮਾਗਮ
ਖੇਤੀਬਾੜੀ ਵਿਕਾਸ ਅਫਸਰ ਵੱਲੋਂ ਵਾਤਾਵਰਨ ਨੂੰ
ਸਾਫ਼ ਸੁਥਰਾ ਰੱਖਣ ਲਈ ਬੜੈਚ ਵਾਸੀਆਂ ਦੀ ਸ਼ਲਾਘਾ
ਮੁੱਲਾਂਪੁਰ ਦਾਖਾ,10 ਨਵੰਬਰ (ਰਵਿੰਦਰ ਸਿੰਘ ਗਿੱਲ) ਖੇਤੀਬਾੜੀ ਵਿਕਾਸ ਅਫਸਰ ਵੱਲੋਂ ਪਿੰਡ ਬੜੈਚ ਵਿਖੇ ਕਿਸਾਨਾਂ ਨਾਲ ਮੀਟਿੰਗ ਕੀਤੀ ਗਈ। ਉਨ੍ਹਾਂ ਨੇ ਪਿੰਡ ਦੇ ਕਿਸਾਨਾਂ ਵੱਲੋਂ ਪਰਾਲੀ ਨੂੰ ਅੱਗ ਨਾ ਲਗਾ ਕੇ ਵਾਤਾਵਰਨ ਨੂੰ ਸਾਫ਼ ਸੁਥਰਾ ਰੱਖਣ ਦੇ ਉਪਰਾਲੇ ਦੀ ਸ਼ਲਾਘਾ ਕੀਤੀ। ਉਨ੍ਹਾਂ ਕਿਹਾ ਕਿ ਪਰਾਲੀ ਨੂੰ ਅੱਗ ਲਗਾਉਣ ਨਾਲ ਜ਼ਮੀਨ ਦੀ ਉਪਜਾਊ ਸ਼ਕਤੀ ਘੱਟਦੀ ਹੈ ਅਤੇ ਵਾਤਾਵਰਨ ਪ੍ਰਦੂਸ਼ਿਤ ਹੁੰਦਾ ਹੈ। ਕਿਸਾਨਾਂ ਨੂੰ ਸੁਪਰ ਸੀਡਰ, ਹੈਪੀ ਸੀਡਰ ਅਤੇ ਹੋਰ ਮਸ਼ੀਨਰੀ ਦੀ ਵਰਤੋਂ ਬਾਰੇ ਜਾਣਕਾਰੀ ਦਿੱਤੀ ਗਈ। ਸਰਪੰਚ ਅਤੇ ਪਿੰਡ ਦੇ ਮੋਹਤਬਰਾਂ ਨੇ ਵਿਸ਼ਵਾਸ ਦਿਵਾਇਆ ਕਿ ਪਿੰਡ ਵਿੱਚ ਕੋਈ ਵੀ ਕਿਸਾਨ ਪਰਾਲੀ ਨੂੰ ਅੱਗ ਨਹੀਂ ਲਗਾਏਗਾ। ਇਸ ਮੌਕੇ ਕਿਸਾਨ ਜਗਜੀਤ ਸਿੰਘ, ਗੁਰਮੀਤ ਸਿੰਘ, ਬਲਜਿੰਦਰ ਸਿੰਘ ਅਤੇ ਹੋਰ ਹਾਜ਼ਰ ਸਨ।
ਮੁੱਲਾਂਪੁਰ ਦਾਖਾ,10 ਨਵੰਬਰ (ਰਵਿੰਦਰ ਸਿੰਘ ਗਿੱਲ) ਖੇਤੀਬਾੜੀ ਵਿਕਾਸ ਅਫਸਰ ਵੱਲੋਂ ਪਿੰਡ ਬੜੈਚ ਵਿਖੇ ਕਿਸਾਨਾਂ ਨਾਲ ਮੀਟਿੰਗ ਕੀਤੀ ਗਈ। ਉਨ੍ਹਾਂ ਨੇ ਪਿੰਡ ਦੇ ਕਿਸਾਨਾਂ ਵੱਲੋਂ ਪਰਾਲੀ ਨੂੰ ਅੱਗ ਨਾ ਲਗਾ ਕੇ ਵਾਤਾਵਰਨ ਨੂੰ ਸਾਫ਼ ਸੁਥਰਾ ਰੱਖਣ ਦੇ ਉਪਰਾਲੇ ਦੀ ਸ਼ਲਾਘਾ ਕੀਤੀ। ਉਨ੍ਹਾਂ ਕਿਹਾ ਕਿ ਪਰਾਲੀ ਨੂੰ ਅੱਗ ਲਗਾਉਣ ਨਾਲ ਜ਼ਮੀਨ ਦੀ ਉਪਜਾਊ ਸ਼ਕਤੀ ਘੱਟਦੀ ਹੈ ਅਤੇ ਵਾਤਾਵਰਨ ਪ੍ਰਦੂਸ਼ਿਤ ਹੁੰਦਾ ਹੈ। ਕਿਸਾਨਾਂ ਨੂੰ ਸੁਪਰ ਸੀਡਰ, ਹੈਪੀ ਸੀਡਰ ਅਤੇ ਹੋਰ ਮਸ਼ੀਨਰੀ ਦੀ ਵਰਤੋਂ ਬਾਰੇ ਜਾਣਕਾਰੀ ਦਿੱਤੀ ਗਈ। ਸਰਪੰਚ ਅਤੇ ਪਿੰਡ ਦੇ ਮੋਹਤਬਰਾਂ ਨੇ ਵਿਸ਼ਵਾਸ ਦਿਵਾਇਆ ਕਿ ਪਿੰਡ ਵਿੱਚ ਕੋਈ ਵੀ ਕਿਸਾਨ ਪਰਾਲੀ ਨੂੰ ਅੱਗ ਨਹੀਂ ਲਗਾਏਗਾ। ਇਸ ਮੌਕੇ ਕਿਸਾਨ ਜਗਜੀਤ ਸਿੰਘ, ਗੁਰਮੀਤ ਸਿੰਘ, ਬਲਜਿੰਦਰ ਸਿੰਘ ਅਤੇ ਹੋਰ ਹਾਜ਼ਰ ਸਨ।
ਯੂਥ ਪਾਰਲੀਮੈਂਟ 2026 ਤਹਿਤ ਯੁਵਾ ਕਨੈਕਟ
ਨਾਲ ਸਬੰਧਤ ਸੈਮੀਨਾਰ ਕਰਵਾਇਆ ਗਿਆ
ਸਰਕਾਰੀ ਐਸ. ਡੀ. ਕਾਲਜ ਮਾਹਿਲਪੁਰ, 10 ਨਵੰਬਰ (ਮੋਹਨ ਸਿੰਘ) ਪ੍ਰਿੰਸੀਪਲ ਡਾ. ਗਰਿਮਾ ਮਹਾਜਨ ਦੀ ਯੋਗ ਅਗਵਾਈ ਹੇਠ ਐਨ.ਐਸ.ਐਸ. ਵਿਭਾਗ ਵੱਲੋਂ ਯੂਥ ਪਾਰਲੀਮੈਂਟ 2026 ਤਹਿਤ ਯੁਵਾ ਕਨੈਕਟ ਨਾਲ ਸਬੰਧਤ ਸੈਮੀਨਾਰ ਕਰਵਾਇਆ ਗਿਆ। ਇਸ ਸੈਮੀਨਾਰ ਵਿੱਚ ਵਿਦਿਆਰਥੀਆਂ ਨੂੰ ਵਿਕਸਿਤ ਭਾਰਤ 2047 ਦੇ ਟੀਚਿਆਂ ਬਾਰੇ ਜਾਗਰੂਕ ਕੀਤਾ ਗਿਆ ਅਤੇ ਨੌਜਵਾਨਾਂ ਦੀ ਲੋਕਤੰਤਰ ਵਿੱਚ ਭਾਗੀਦਾਰੀ ਦੀ ਮਹੱਤਤਾ ਦੱਸੀ ਗਈ। ਕਾਲਜ ਦੇ ਲਗਭਗ 150 ਵਿਦਿਆਰਥੀਆਂ ਨੇ ਇਸ ਸੈਮੀਨਾਰ ਵਿੱਚ ਭਾਗ ਲਿਆ। ਪ੍ਰੋਗਰਾਮ ਅਫ਼ਸਰਾਂ ਨੇ ਵਿਦਿਆਰਥੀਆਂ ਨੂੰ ਯੂਥ ਪਾਰਲੀਮੈਂਟ ਵਿੱਚ ਰਜਿਸਟ੍ਰੇਸ਼ਨ ਕਰਵਾਉਣ ਲਈ ਪ੍ਰੇਰਿਤ ਕੀਤਾ।
ਬਠਿੰਡਾ 'ਚ ਲਾਈਟ ਐਂਡ ਸਾਊਂਡ ਧਾਰਮਿਕ ਸਮਾਗਮ 17 ਨਵੰਬਰ ਨੂੰ : ਡਿਪਟੀ ਕਮਿਸ਼ਨਰ
• ਸ੍ਰੀ ਗੁਰੂ ਤੇਗ ਬਹਾਦਰ ਜੀ ਦੀ ਅਮਰ ਸ਼ਹਾਦਤ ਤੇ ਜੀਵਨ ਪ੍ਰਸੰਗ ਨੂੰ ਦਰਸ਼ਾਵੇਗਾ 'ਰੋਸ਼ਨੀ ਤੇ ਆਵਾਜ਼ ਸਮਾਗਮ' • ਲਿਸ਼ਕਾਂ ਨੂੰ ਸਮਾਗਮ ਮੌਕੇ ਬਠਿੰਡਾ ਸ਼ਹਿਰ ਤੋਂ ਸਾਰੇ ਮਹਿਮਾਨਾਂ ਵਿੱਚ ਪਹੁੰਚਣ ਦੀ ਕੀਤੀ ਅਪੀਲ
ਬਠਿੰਡਾ 10 ਨਵੰਬਰ (ਅਨਿਲ ਵਰਮਾ) ਹਿੰਦ ਦੀ ਚਾਦਰ ਸ੍ਰੀ ਗੁਰੂ ਤੇਗ ਬਹਾਦਰ ਜੀ, ਭਾਈ ਮਤੀ ਦਾਸ ਜੀ, ਭਾਈ ਸਤੀ ਦਾਸ ਜੀ ਅਤੇ ਭਾਈ ਦਿਆਲਾ ਜੀ ਦੇ 350ਵੇਂ ਸ਼ਹੀਦੀ ਦਿਹਾੜੇ ਨੂੰ ਸਮਰਪਿਤ ਪੰਜਾਬ ਸਰਕਾਰ ਵੱਲੋਂ ਬਠਿੰਡਾ ਵਿਖੇ 17 ਨਵੰਬਰ 2025 ਨੂੰ ਸ਼ਾਮ 6 ਵਜੇ 'ਰੋਸ਼ਨੀ ਤੇ ਆਵਾਜ਼' ਧਾਰਮਿਕ ਸਮਾਗਮ ਕਰਵਾਇਆ ਜਾ ਰਿਹਾ ਹੈ। ਇਹ ਜਾਣਕਾਰੀ ਡਿਪਟੀ ਕਮਿਸ਼ਨਰ ਸ੍ਰੀ ਰਾਜੇਸ਼ ਧੀਮਾਨ ਨੇ ਸਮਾਗਮ ਦੀਆਂ ਤਿਆਰੀਆਂ ਸਬੰਧੀ ਅਧਿਕਾਰੀਆਂ ਨਾਲ ਕੀਤੀ ਗਈ ਮੀਟਿੰਗ ਦੌਰਾਨ ਦਿੱਤੀ। ਉਨ੍ਹਾਂ ਕਿਹਾ
ਬਠਿੰਡਾ 10 ਨਵੰਬਰ (ਅਨਿਲ ਵਰਮਾ) ਹਿੰਦ ਦੀ ਚਾਦਰ ਸ੍ਰੀ ਗੁਰੂ ਤੇਗ ਬਹਾਦਰ ਜੀ, ਭਾਈ ਮਤੀ ਦਾਸ ਜੀ, ਭਾਈ ਸਤੀ ਦਾਸ ਜੀ ਅਤੇ ਭਾਈ ਦਿਆਲਾ ਜੀ ਦੇ 350ਵੇਂ ਸ਼ਹੀਦੀ ਦਿਹਾੜੇ ਨੂੰ ਸਮਰਪਿਤ ਪੰਜਾਬ ਸਰਕਾਰ ਵੱਲੋਂ ਬਠਿੰਡਾ ਵਿਖੇ 17 ਨਵੰਬਰ 2025 ਨੂੰ ਸ਼ਾਮ 6 ਵਜੇ 'ਰੋਸ਼ਨੀ ਤੇ ਆਵਾਜ਼' ਧਾਰਮਿਕ ਸਮਾਗਮ ਕਰਵਾਇਆ ਜਾ ਰਿਹਾ ਹੈ। ਇਹ ਜਾਣਕਾਰੀ ਡਿਪਟੀ ਕਮਿਸ਼ਨਰ ਸ੍ਰੀ ਰਾਜੇਸ਼ ਧੀਮਾਨ ਨੇ ਸਮਾਗਮ ਦੀਆਂ ਤਿਆਰੀਆਂ ਸਬੰਧੀ ਅਧਿਕਾਰੀਆਂ ਨਾਲ ਕੀਤੀ ਗਈ ਮੀਟਿੰਗ ਦੌਰਾਨ ਦਿੱਤੀ। ਉਨ੍ਹਾਂ ਕਿਹਾ ਕਿ ਇਸ ਸਮਾਗਮ ਰਾਹੀਂ ਗੁਰੂ ਸਾਹਿਬ ਦੇ ਜੀਵਨ, ਸਿੱਖਿਆਵਾਂ ਅਤੇ ਸ਼ਹਾਦਤ ਨੂੰ ਆਧੁਨਿਕ ਤਕਨੀਕ ਰਾਹੀਂ ਸੰਗਤ ਸਾਹਮਣੇ ਪੇਸ਼ ਕੀਤਾ ਜਾਵੇਗਾ। ਉਨ੍ਹਾਂ ਸਬੰਧਤ ਵਿਭਾਗਾਂ ਨੂੰ ਪਾਣੀ, ਬੈਠਣ, ਸਾਫ਼-ਸਫ਼ਾਈ, ਪਾਰਕਿੰਗ ਅਤੇ ਸੁਰੱਖਿਆ ਦੇ ਪੁਖ਼ਤਾ ਪ੍ਰਬੰਧ ਕਰਨ ਦੀਆਂ ਹਦਾਇਤਾਂ ਦਿੱਤੀਆਂ। ਡਿਪਟੀ ਕਮਿਸ਼ਨਰ ਨੇ ਜ਼ਿਲ੍ਹਾ ਵਾਸੀਆਂ ਨੂੰ ਵੱਡੀ ਗਿਣਤੀ ਵਿੱਚ ਇਸ ਸਮਾਗਮ ਵਿੱਚ ਪਹੁੰਚਣ ਦੀ ਅਪੀਲ ਕੀਤੀ। ਇਸ ਮੌਕੇ ਵਧੀਕ ਡਿਪਟੀ ਕਮਿਸ਼ਨਰ, ਐਸ.ਡੀ.ਐਮ., ਸਹਾਇਕ ਕਮਿਸ਼ਨਰ ਅਤੇ ਹੋਰ ਅਧਿਕਾਰੀ ਹਾਜ਼ਰ ਸਨ।
